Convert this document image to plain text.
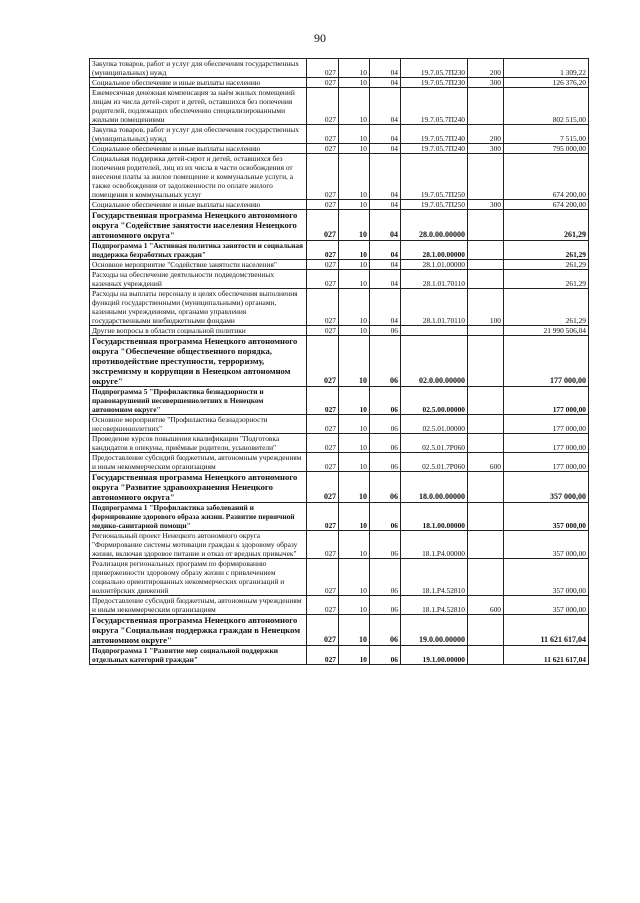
90
Закупка товаров, работ и услуг для обеспечения государственных (муниципальных) нужд	027	10	04	19.7.05.7П230	200	1 309,22
Социальное обеспечение и иные выплаты населению	027	10	04	19.7.05.7П230	300	126 376,20
Ежемесячная денежная компенсация за наём жилых помещений лицам из числа детей-сирот и детей, оставшихся без попечения родителей, подлежащих обеспечению специализированными жилыми помещениями	027	10	04	19.7.05.7П240		802 515,00
Закупка товаров, работ и услуг для обеспечения государственных (муниципальных) нужд	027	10	04	19.7.05.7П240	200	7 515,00
Социальное обеспечение и иные выплаты населению	027	10	04	19.7.05.7П240	300	795 000,00
Социальная поддержка детей-сирот и детей, оставшихся без попечения родителей, лиц из их числа в части освобождения от внесения платы за жилое помещение и коммунальные услуги, а также освобождения от задолженности по оплате жилого помещения и коммунальных услуг	027	10	04	19.7.05.7П250		674 200,00
Социальное обеспечение и иные выплаты населению	027	10	04	19.7.05.7П250	300	674 200,00
Государственная программа Ненецкого автономного округа "Содействие занятости населения Ненецкого автономного округа"	027	10	04	28.0.00.00000		261,29
Подпрограмма 1 "Активная политика занятости и социальная поддержка безработных граждан"	027	10	04	28.1.00.00000		261,29
Основное мероприятие "Содействие занятости населения"	027	10	04	28.1.01.00000		261,29
Расходы на обеспечение деятельности подведомственных казенных учреждений	027	10	04	28.1.01.70110		261,29
Расходы на выплаты персоналу в целях обеспечения выполнения функций государственными (муниципальными) органами, казенными учреждениями, органами управления государственными внебюджетными фондами	027	10	04	28.1.01.70110	100	261,29
Другие вопросы в области социальной политики	027	10	06			21 990 506,04
Государственная программа Ненецкого автономного округа "Обеспечение общественного порядка, противодействие преступности, терроризму, экстремизму и коррупции в Ненецком автономном округе"	027	10	06	02.0.00.00000		177 000,00
Подпрограмма 5 "Профилактика безнадзорности и правонарушений несовершеннолетних в Ненецком автономном округе"	027	10	06	02.5.00.00000		177 000,00
Основное мероприятие "Профилактика безнадзорности несовершеннолетних"	027	10	06	02.5.01.00000		177 000,00
Проведение курсов повышения квалификации "Подготовка кандидатов в опекуны, приёмные родители, усыновители"	027	10	06	02.5.01.7Р060		177 000,00
Предоставление субсидий бюджетным, автономным учреждениям и иным некоммерческим организациям	027	10	06	02.5.01.7Р060	600	177 000,00
Государственная программа Ненецкого автономного округа "Развитие здравоохранения Ненецкого автономного округа"	027	10	06	18.0.00.00000		357 000,00
Подпрограмма 1 "Профилактика заболеваний и формирование здорового образа жизни. Развитие первичной медико-санитарной помощи"	027	10	06	18.1.00.00000		357 000,00
Региональный проект Ненецкого автономного округа "Формирование системы мотивации граждан к здоровому образу жизни, включая здоровое питание и отказ от вредных привычек"	027	10	06	18.1.Р4.00000		357 000,00
Реализация региональных программ по формированию приверженности здоровому образу жизни с привлечением социально ориентированных некоммерческих организаций и волонтёрских движений	027	10	06	18.1.Р4.52810		357 000,00
Предоставление субсидий бюджетным, автономным учреждениям и иным некоммерческим организациям	027	10	06	18.1.Р4.52810	600	357 000,00
Государственная программа Ненецкого автономного округа "Социальная поддержка граждан в Ненецком автономном округе"	027	10	06	19.0.00.00000		11 621 617,04
Подпрограмма 1 "Развитие мер социальной поддержки отдельных категорий граждан"	027	10	06	19.1.00.00000		11 621 617,04
